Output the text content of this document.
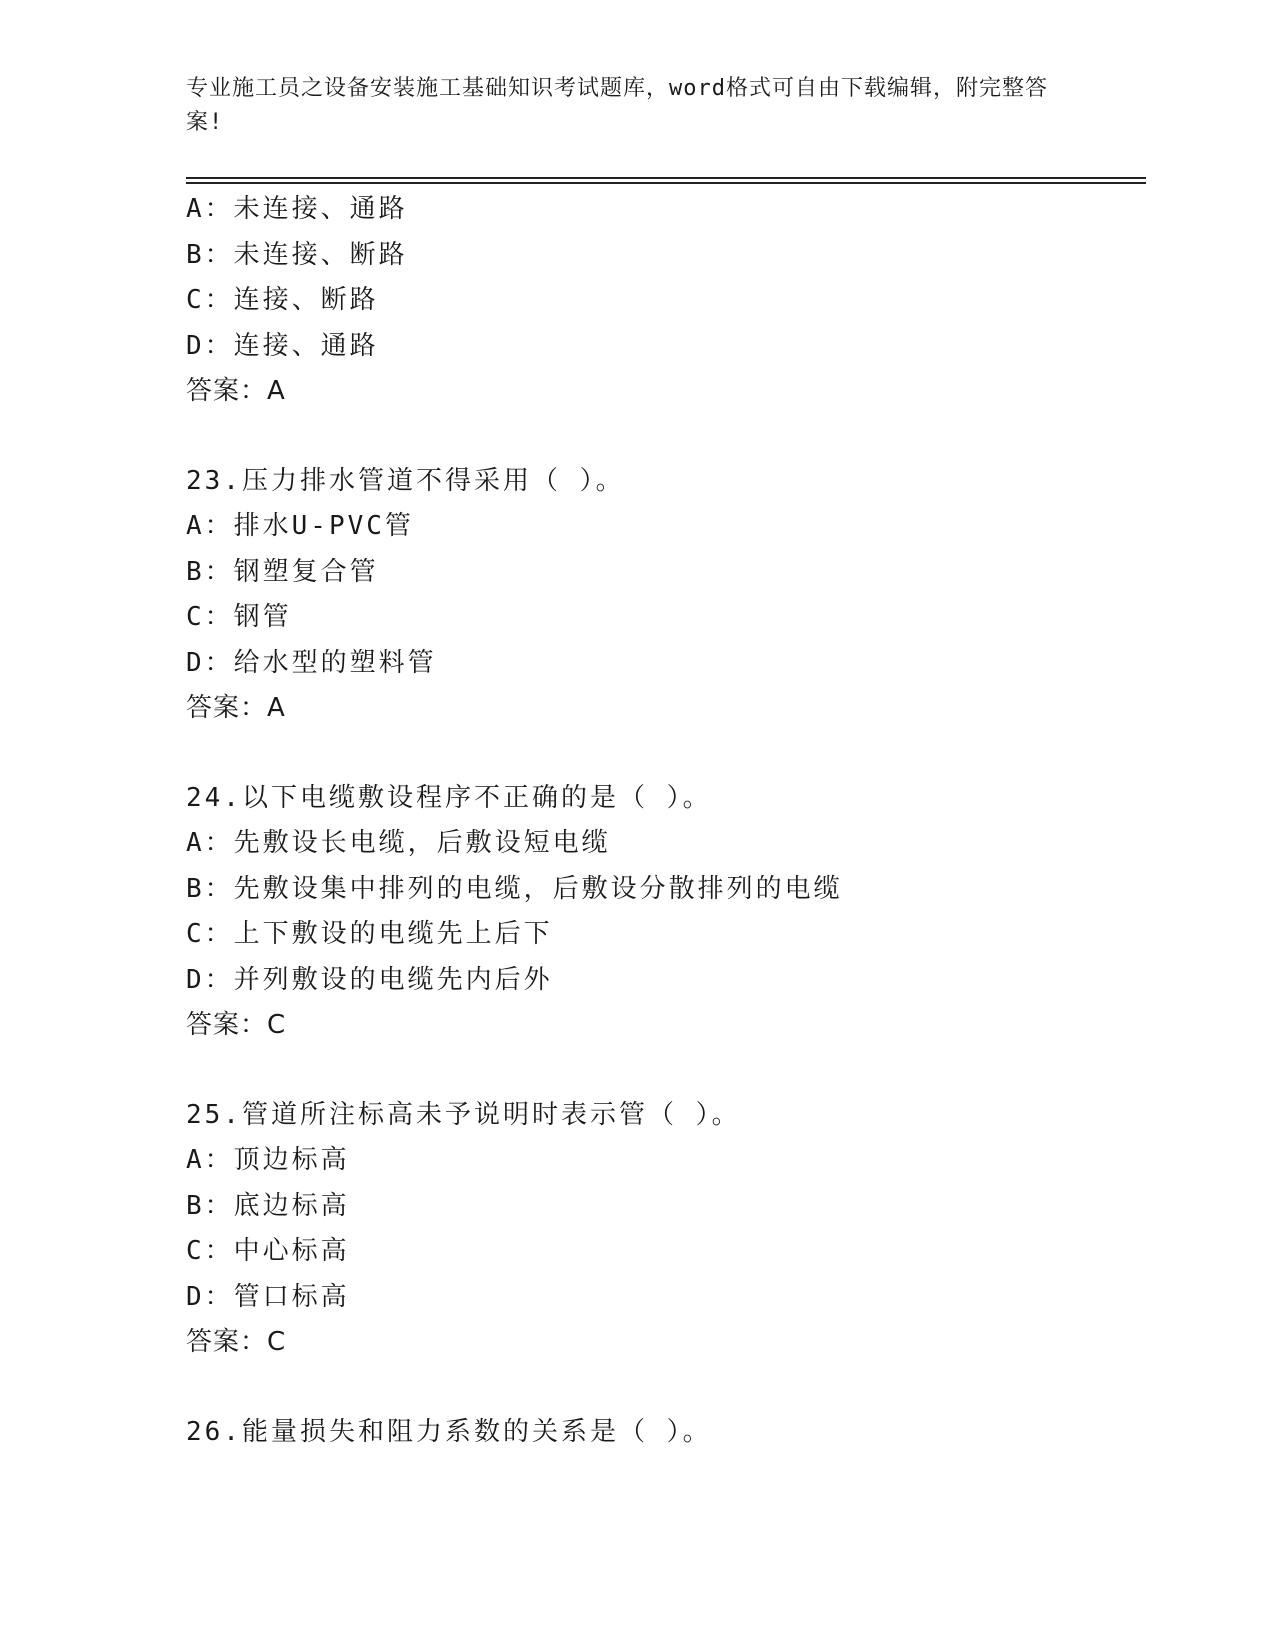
专业施工员之设备安装施工基础知识考试题库，word格式可自由下载编辑，附完整答案!
A：未连接、通路
B：未连接、断路
C：连接、断路
D：连接、通路
答案：A
23.压力排水管道不得采用（ ）。
A：排水U-PVC管
B：钢塑复合管
C：钢管
D：给水型的塑料管
答案：A
24.以下电缆敷设程序不正确的是（ ）。
A：先敷设长电缆，后敷设短电缆
B：先敷设集中排列的电缆，后敷设分散排列的电缆
C：上下敷设的电缆先上后下
D：并列敷设的电缆先内后外
答案：C
25.管道所注标高未予说明时表示管（ ）。
A：顶边标高
B：底边标高
C：中心标高
D：管口标高
答案：C
26.能量损失和阻力系数的关系是（ ）。
